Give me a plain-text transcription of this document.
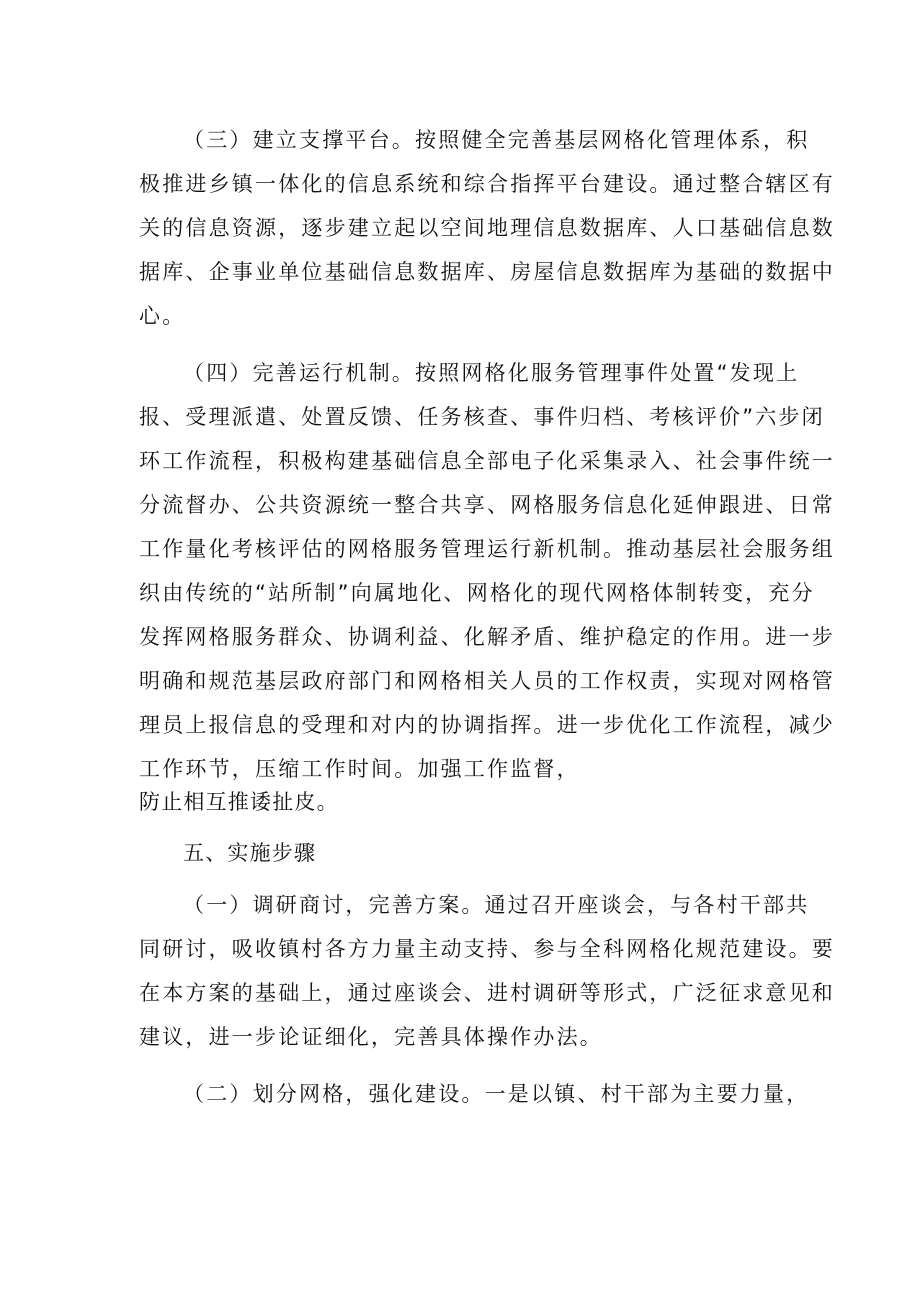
（三）建立支撑平台。按照健全完善基层网格化管理体系，积
极推进乡镇一体化的信息系统和综合指挥平台建设。通过整合辖区有
关的信息资源，逐步建立起以空间地理信息数据库、人口基础信息数
据库、企事业单位基础信息数据库、房屋信息数据库为基础的数据中
心。
（四）完善运行机制。按照网格化服务管理事件处置“发现上
报、受理派遣、处置反馈、任务核查、事件归档、考核评价”六步闭
环工作流程，积极构建基础信息全部电子化采集录入、社会事件统一
分流督办、公共资源统一整合共享、网格服务信息化延伸跟进、日常
工作量化考核评估的网格服务管理运行新机制。推动基层社会服务组
织由传统的“站所制”向属地化、网格化的现代网格体制转变，充分
发挥网格服务群众、协调利益、化解矛盾、维护稳定的作用。进一步
明确和规范基层政府部门和网格相关人员的工作权责，实现对网格管
理员上报信息的受理和对内的协调指挥。进一步优化工作流程，减少
工作环节，压缩工作时间。加强工作监督，
防止相互推诿扯皮。
五、实施步骤
（一）调研商讨，完善方案。通过召开座谈会，与各村干部共
同研讨，吸收镇村各方力量主动支持、参与全科网格化规范建设。要
在本方案的基础上，通过座谈会、进村调研等形式，广泛征求意见和
建议，进一步论证细化，完善具体操作办法。
（二）划分网格，强化建设。一是以镇、村干部为主要力量，
